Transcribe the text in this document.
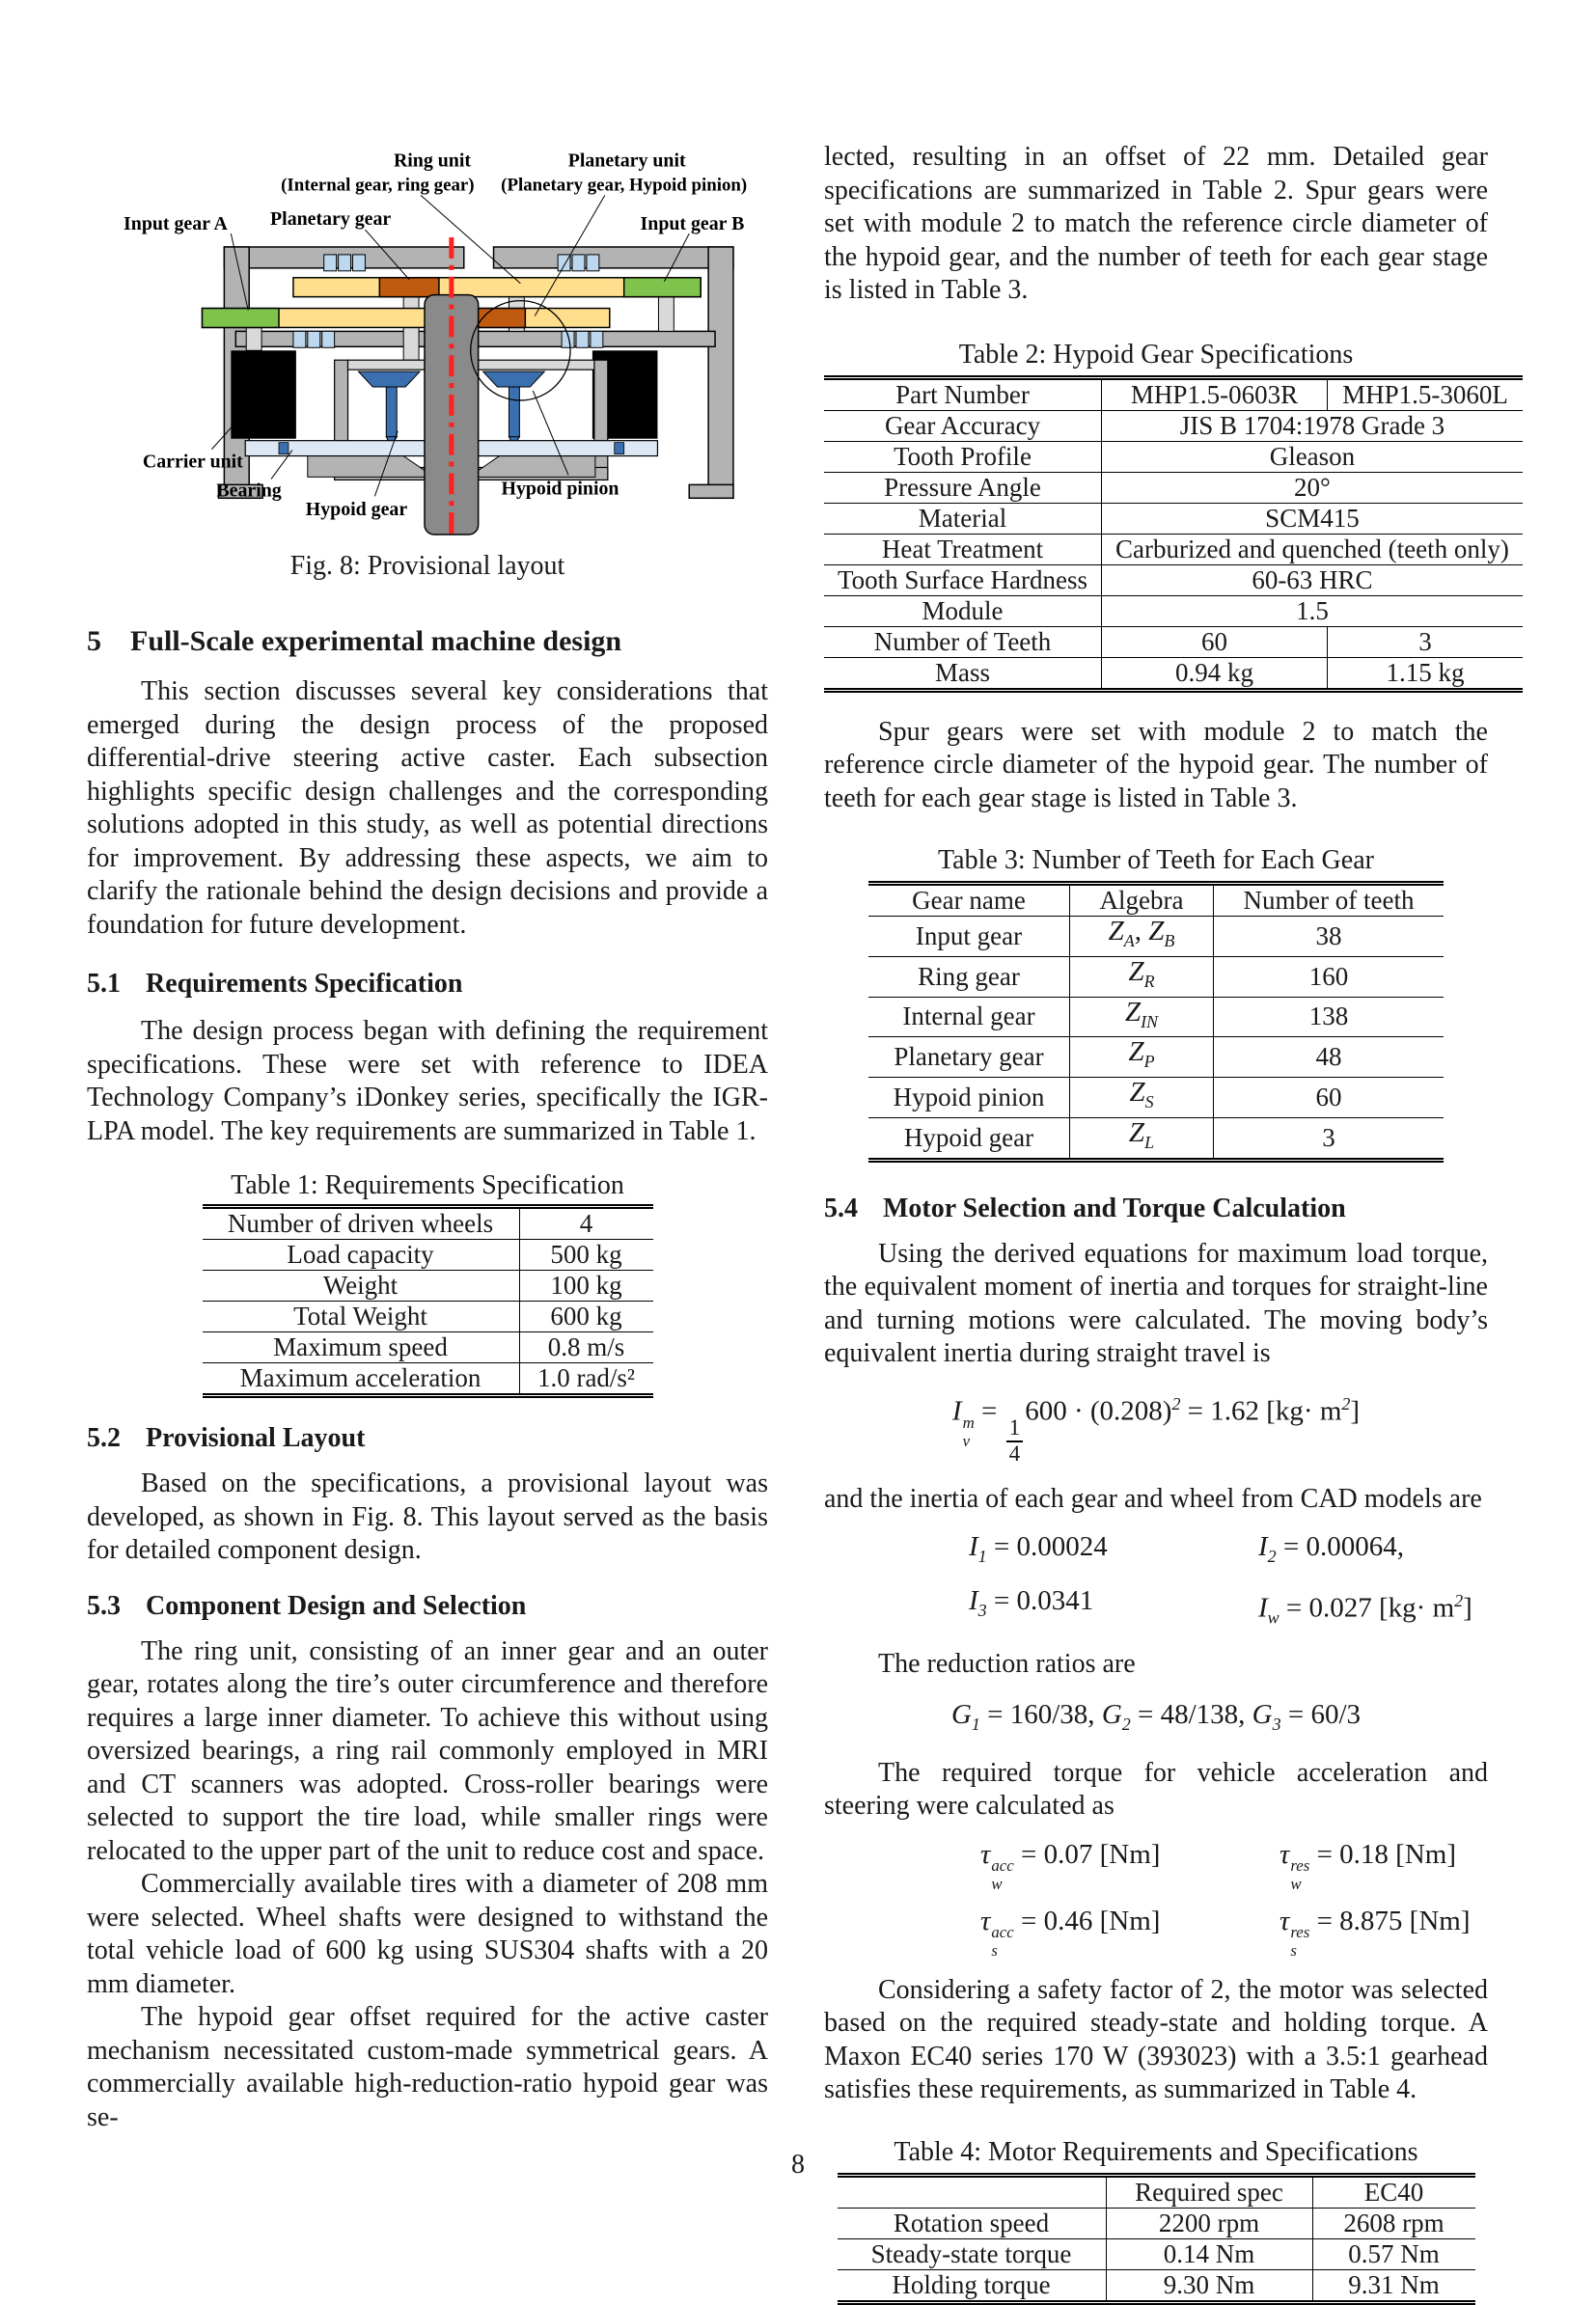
Ring unit
(Internal gear, ring gear)
Planetary unit
(Planetary gear, Hypoid pinion)
Input gear A Planetary gear	Input gear B
Carrier unit
Bearing
Hypoid gear
Hypoid pinion
Fig. 8: Provisional layout
5 Full-Scale experimental machine design

This section discusses several key considerations that emerged during the design process of the proposed differential-drive steering active caster. Each subsection highlights specific design challenges and the corresponding solutions adopted in this study, as well as potential directions for improvement. By addressing these aspects, we aim to clarify the rationale behind the design decisions and provide a foundation for future development.

5.1 Requirements Specification

The design process began with defining the requirement specifications. These were set with reference to IDEA Technology Company’s iDonkey series, specifically the IGR-LPA model. The key requirements are summarized in Table 1.

Table 1: Requirements Specification
Number of driven wheels	4
Load capacity	500 kg
Weight	100 kg
Total Weight	600 kg
Maximum speed	0.8 m/s
Maximum acceleration	1.0 rad/s²
5.2 Provisional Layout

Based on the specifications, a provisional layout was developed, as shown in Fig. 8. This layout served as the basis for detailed component design.

5.3 Component Design and Selection

The ring unit, consisting of an inner gear and an outer gear, rotates along the tire’s outer circumference and therefore requires a large inner diameter. To achieve this without using oversized bearings, a ring rail commonly employed in MRI and CT scanners was adopted. Cross-roller bearings were selected to support the tire load, while smaller rings were relocated to the upper part of the unit to reduce cost and space.

Commercially available tires with a diameter of 208 mm were selected. Wheel shafts were designed to withstand the total vehicle load of 600 kg using SUS304 shafts with a 20 mm diameter.

The hypoid gear offset required for the active caster mechanism necessitated custom-made symmetrical gears. A commercially available high-reduction-ratio hypoid gear was se-

lected, resulting in an offset of 22 mm. Detailed gear specifications are summarized in Table 2. Spur gears were set with module 2 to match the reference circle diameter of the hypoid gear, and the number of teeth for each gear stage is listed in Table 3.

Table 2: Hypoid Gear Specifications
Part Number	MHP1.5-0603R	MHP1.5-3060L
Gear Accuracy	JIS B 1704:1978 Grade 3	
Tooth Profile	Gleason	
Pressure Angle	20°	
Material	SCM415	
Heat Treatment	Carburized and quenched (teeth only)	
Tooth Surface Hardness	60-63 HRC	
Module	1.5	
Number of Teeth	60	3
Mass	0.94 kg	1.15 kg

Spur gears were set with module 2 to match the reference circle diameter of the hypoid gear. The number of teeth for each gear stage is listed in Table 3.

Table 3: Number of Teeth for Each Gear
Gear name	Algebra	Number of teeth
Input gear	$Z_A$, $Z_B$	38
Ring gear	$Z_R$	160
Internal gear	$Z_{IN}$	138
Planetary gear	$Z_P$	48
Hypoid pinion	$Z_S$	60
Hypoid gear	$Z_L$	3
5.4 Motor Selection and Torque Calculation

Using the derived equations for maximum load torque, the equivalent moment of inertia and torques for straight-line and turning motions were calculated. The moving body’s equivalent inertia during straight travel is

I m
v
=
$\frac{1}{4}$
$600 \cdot (0.208)^2 = 1.62$ $[kg\cdot m^2]$

and the inertia of each gear and wheel from CAD models are

$I_1 = 0.00024$	$I_2 = 0.00064$,
$I_3 = 0.0341$	$I_w = 0.027$ $[kg\cdot m^2]$

The reduction ratios are

$G_1 = 160/38$, $G_2 = 48/138$, $G_3 = 60/3$

The required torque for vehicle acceleration and steering were calculated as

τ acc
w
= 0.07 [Nm]	τ res
w
= 0.18 [Nm]
τ acc
s
= 0.46 [Nm]	τ res
s
= 8.875 [Nm]

Considering a safety factor of 2, the motor was selected based on the required steady-state and holding torque. A Maxon EC40 series 170 W (393023) with a 3.5:1 gearhead satisfies these requirements, as summarized in Table 4.

Table 4: Motor Requirements and Specifications
	Required spec	EC40
Rotation speed	2200 rpm	2608 rpm
Steady-state torque	0.14 Nm	0.57 Nm
Holding torque	9.30 Nm	9.31 Nm
8
